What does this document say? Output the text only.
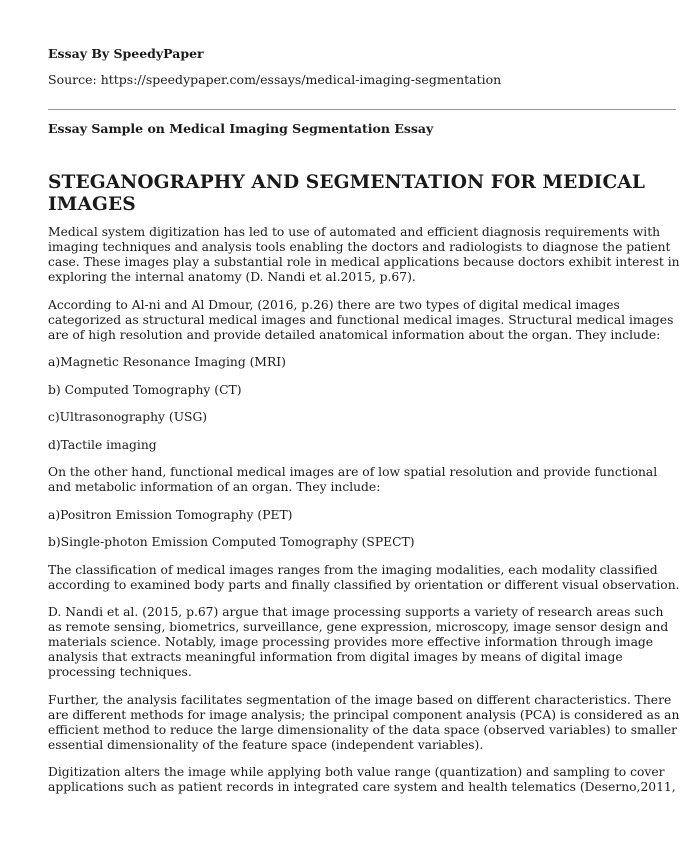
Essay By SpeedyPaper

Source: https://speedypaper.com/essays/medical-imaging-segmentation

Essay Sample on Medical Imaging Segmentation Essay

STEGANOGRAPHY AND SEGMENTATION FOR MEDICAL IMAGES

Medical system digitization has led to use of automated and efficient diagnosis requirements with imaging techniques and analysis tools enabling the doctors and radiologists to diagnose the patient case. These images play a substantial role in medical applications because doctors exhibit interest in exploring the internal anatomy (D. Nandi et al.2015, p.67).

According to Al-ni and Al Dmour, (2016, p.26) there are two types of digital medical images categorized as structural medical images and functional medical images. Structural medical images are of high resolution and provide detailed anatomical information about the organ. They include:

a)Magnetic Resonance Imaging (MRI)

b) Computed Tomography (CT)

c)Ultrasonography (USG)

d)Tactile imaging

On the other hand, functional medical images are of low spatial resolution and provide functional and metabolic information of an organ. They include:

a)Positron Emission Tomography (PET)

b)Single-photon Emission Computed Tomography (SPECT)

The classification of medical images ranges from the imaging modalities, each modality classified according to examined body parts and finally classified by orientation or different visual observation.

D. Nandi et al. (2015, p.67) argue that image processing supports a variety of research areas such as remote sensing, biometrics, surveillance, gene expression, microscopy, image sensor design and materials science. Notably, image processing provides more effective information through image analysis that extracts meaningful information from digital images by means of digital image processing techniques.

Further, the analysis facilitates segmentation of the image based on different characteristics. There are different methods for image analysis; the principal component analysis (PCA) is considered as an efficient method to reduce the large dimensionality of the data space (observed variables) to smaller essential dimensionality of the feature space (independent variables).

Digitization alters the image while applying both value range (quantization) and sampling to cover applications such as patient records in integrated care system and health telematics (Deserno,2011,
